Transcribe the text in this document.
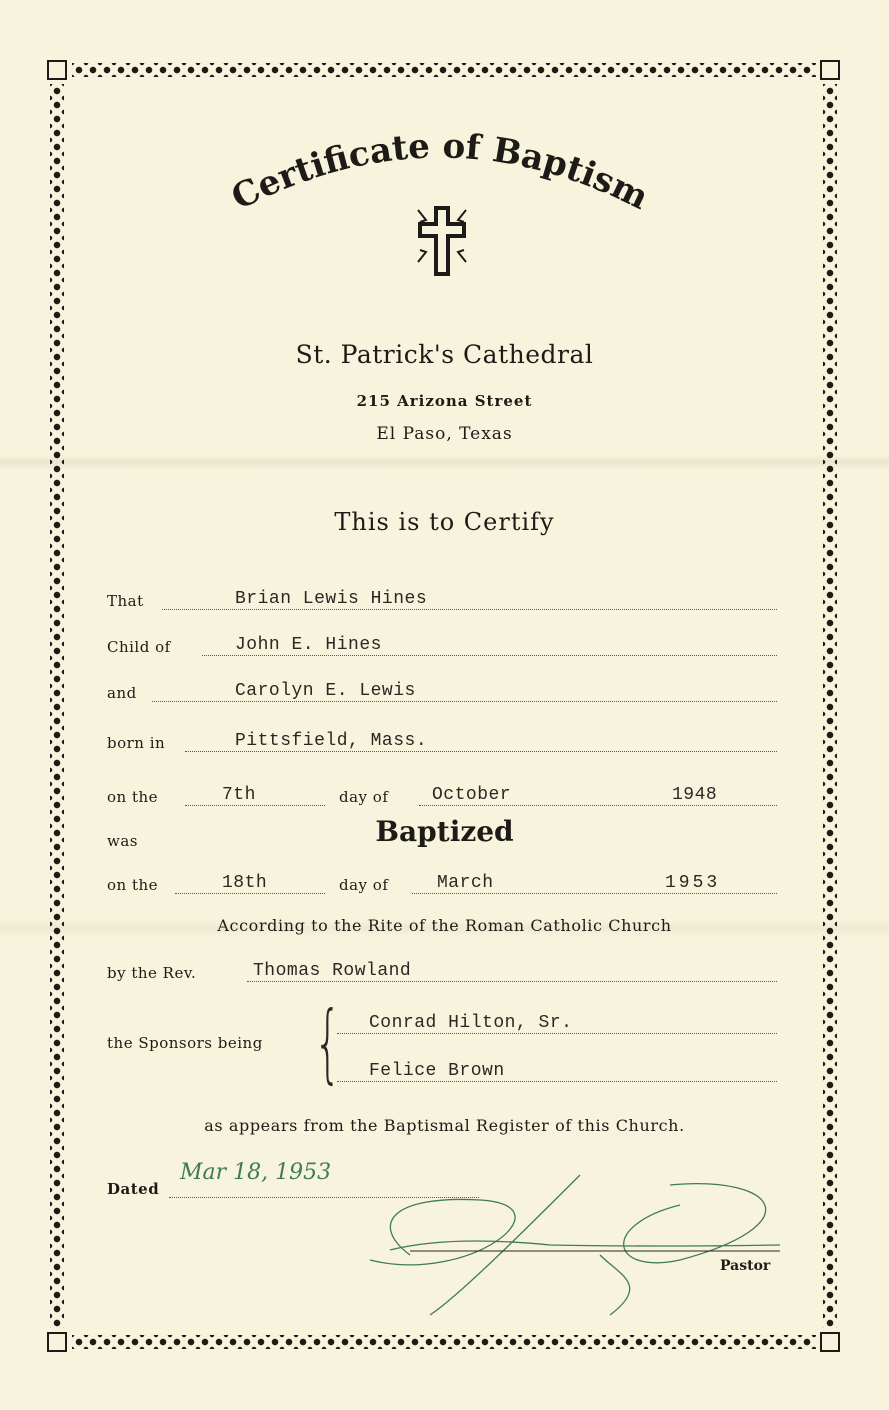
Certificate of Baptism
St. Patrick's Cathedral
215 Arizona Street
El Paso, Texas
This is to Certify
That	Brian Lewis Hines
Child of	John E. Hines
and	Carolyn E. Lewis
born in	Pittsfield, Mass.
on the	7th	day of October	1948
was	Baptized
on the	18th	day of	March	1953
According to the Rite of the Roman Catholic Church
by the Rev.	Thomas Rowland
the Sponsors being { Conrad Hilton, Sr.
Felice Brown
as appears from the Baptismal Register of this Church.
Dated
Mar 18, 1953
Pastor
